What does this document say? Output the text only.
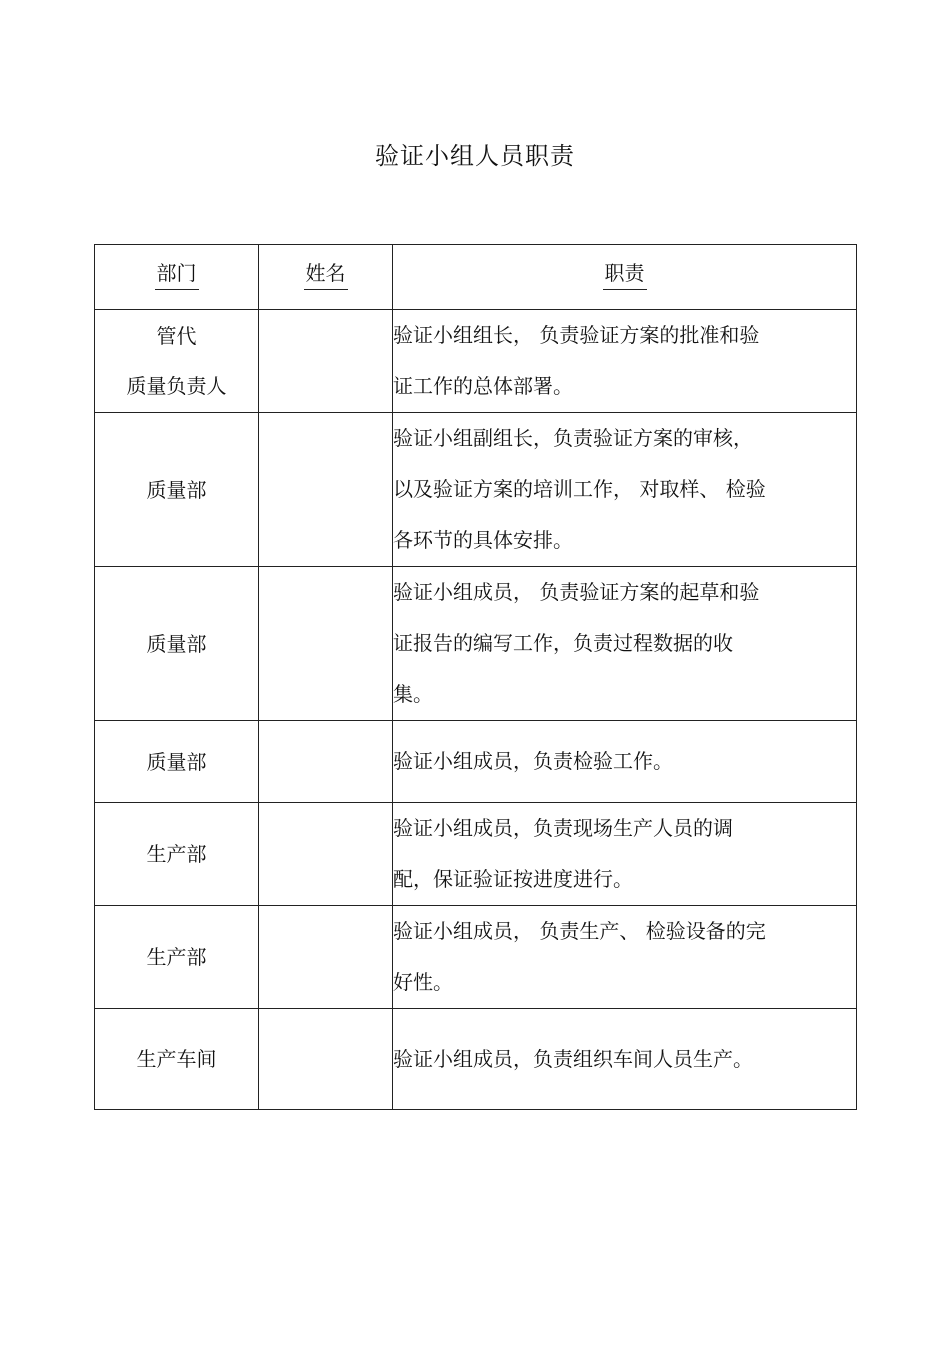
验证小组人员职责
部门	姓名	职责

管代
质量负责人		验证小组组长， 负责验证方案的批准和验
证工作的总体部署。

质量部		验证小组副组长，负责验证方案的审核，
以及验证方案的培训工作， 对取样、 检验
各环节的具体安排。

质量部		验证小组成员， 负责验证方案的起草和验
证报告的编写工作，负责过程数据的收
集。

质量部		验证小组成员，负责检验工作。

生产部		验证小组成员，负责现场生产人员的调
配，保证验证按进度进行。

生产部		验证小组成员， 负责生产、 检验设备的完
好性。

生产车间		验证小组成员，负责组织车间人员生产。
